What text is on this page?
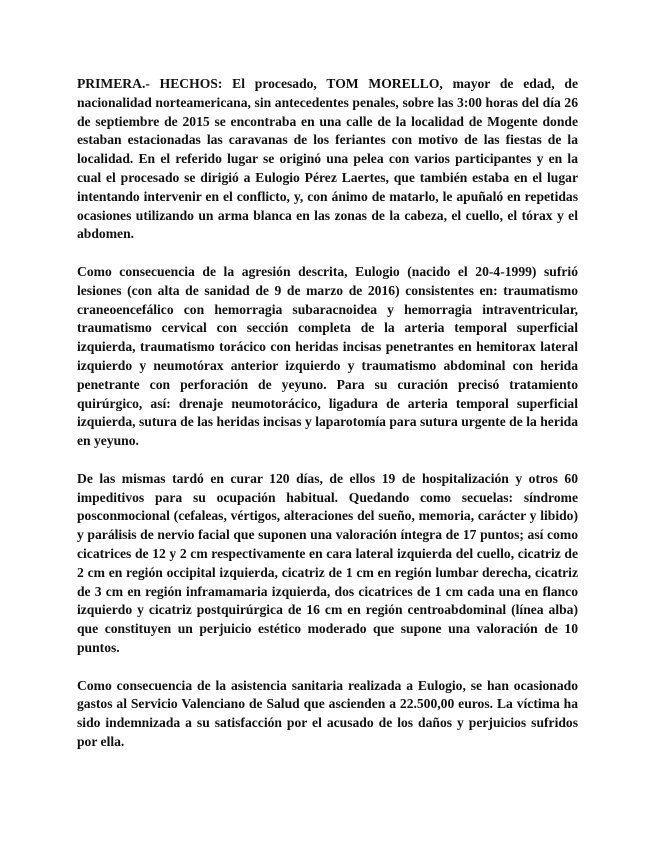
PRIMERA.- HECHOS: El procesado, TOM MORELLO, mayor de edad, de nacionalidad norteamericana, sin antecedentes penales, sobre las 3:00 horas del día 26 de septiembre de 2015 se encontraba en una calle de la localidad de Mogente donde estaban estacionadas las caravanas de los feriantes con motivo de las fiestas de la localidad. En el referido lugar se originó una pelea con varios participantes y en la cual el procesado se dirigió a Eulogio Pérez Laertes, que también estaba en el lugar intentando intervenir en el conflicto, y, con ánimo de matarlo, le apuñaló en repetidas ocasiones utilizando un arma blanca en las zonas de la cabeza, el cuello, el tórax y el abdomen.

Como consecuencia de la agresión descrita, Eulogio (nacido el 20-4-1999) sufrió lesiones (con alta de sanidad de 9 de marzo de 2016) consistentes en: traumatismo craneoencefálico con hemorragia subaracnoidea y hemorragia intraventricular, traumatismo cervical con sección completa de la arteria temporal superficial izquierda, traumatismo torácico con heridas incisas penetrantes en hemitorax lateral izquierdo y neumotórax anterior izquierdo y traumatismo abdominal con herida penetrante con perforación de yeyuno. Para su curación precisó tratamiento quirúrgico, así: drenaje neumotorácico, ligadura de arteria temporal superficial izquierda, sutura de las heridas incisas y laparotomía para sutura urgente de la herida en yeyuno.

De las mismas tardó en curar 120 días, de ellos 19 de hospitalización y otros 60 impeditivos para su ocupación habitual. Quedando como secuelas: síndrome posconmocional (cefaleas, vértigos, alteraciones del sueño, memoria, carácter y libido) y parálisis de nervio facial que suponen una valoración íntegra de 17 puntos; así como cicatrices de 12 y 2 cm respectivamente en cara lateral izquierda del cuello, cicatriz de 2 cm en región occipital izquierda, cicatriz de 1 cm en región lumbar derecha, cicatriz de 3 cm en región inframamaria izquierda, dos cicatrices de 1 cm cada una en flanco izquierdo y cicatriz postquirúrgica de 16 cm en región centroabdominal (línea alba) que constituyen un perjuicio estético moderado que supone una valoración de 10 puntos.

Como consecuencia de la asistencia sanitaria realizada a Eulogio, se han ocasionado gastos al Servicio Valenciano de Salud que ascienden a 22.500,00 euros. La víctima ha sido indemnizada a su satisfacción por el acusado de los daños y perjuicios sufridos por ella.
